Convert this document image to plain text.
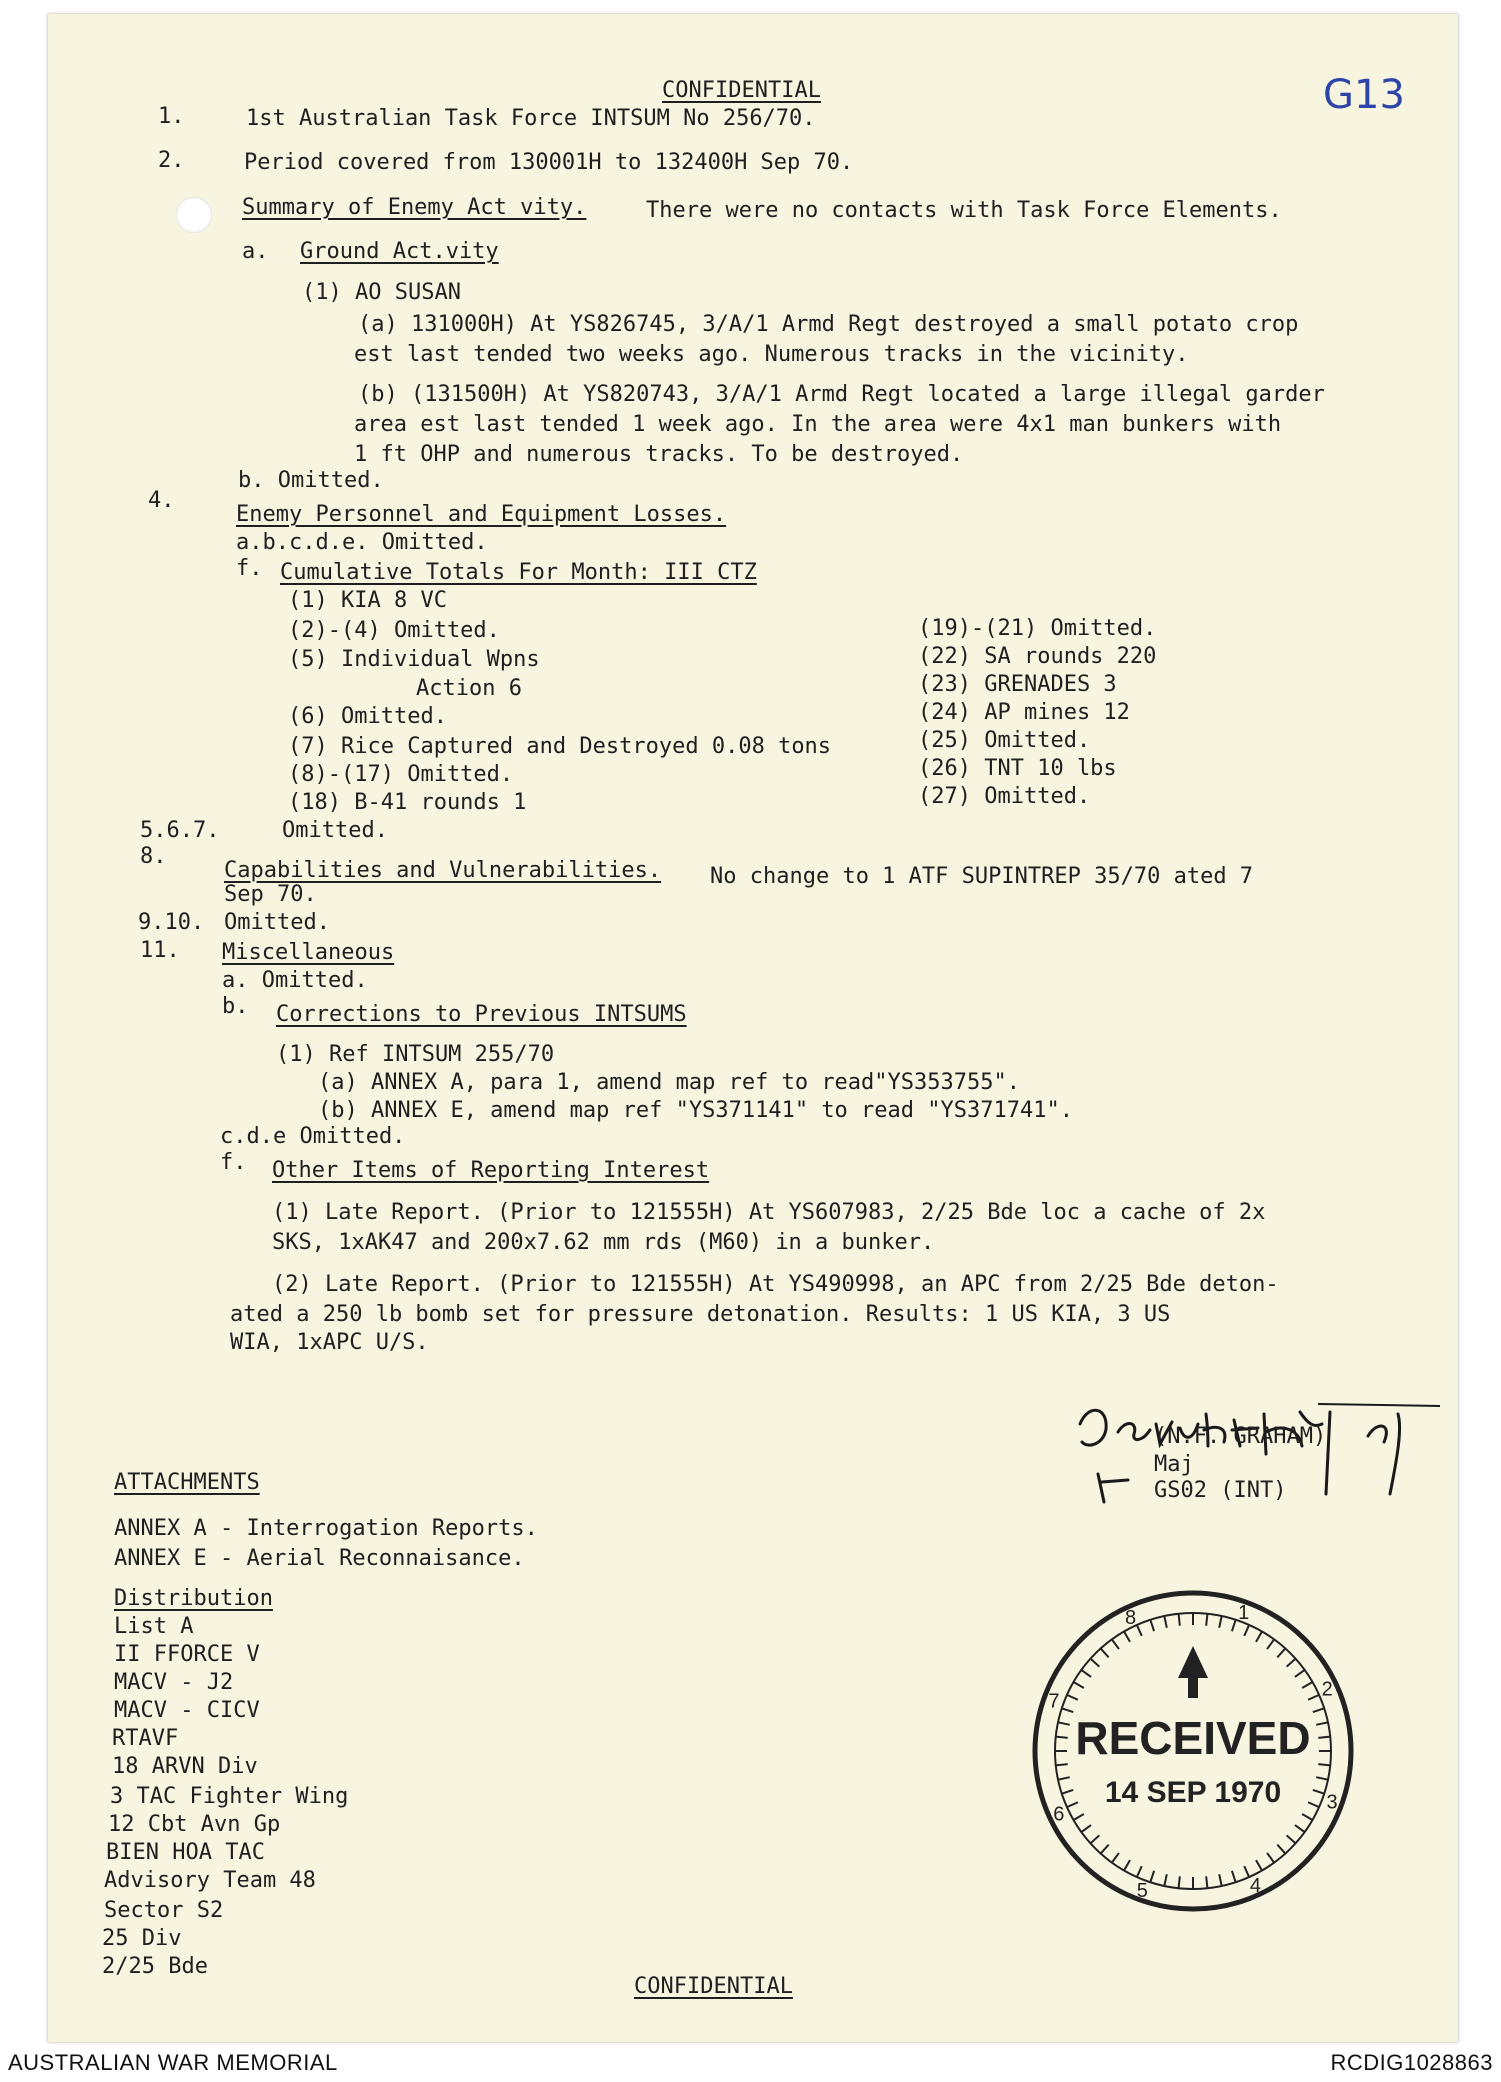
CONFIDENTIAL	G13
1.	1st Australian Task Force INTSUM No 256/70.
2.	Period covered from 130001H to 132400H Sep 70.
Summary of Enemy Act vity.	There were no contacts with Task Force Elements.
a. Ground Act.vity
(1) AO SUSAN
(a) 131000H) At YS826745, 3/A/1 Armd Regt destroyed a small potato crop
est last tended two weeks ago. Numerous tracks in the vicinity.
(b) (131500H) At YS820743, 3/A/1 Armd Regt located a large illegal garder
area est last tended 1 week ago. In the area were 4x1 man bunkers with
1 ft OHP and numerous tracks. To be destroyed.
b. Omitted.
4.
Enemy Personnel and Equipment Losses.
a.b.c.d.e. Omitted.
f. Cumulative Totals For Month: III CTZ
(1) KIA 8 VC
(2)-(4) Omitted.
(5) Individual Wpns
Action 6
(6) Omitted.
(7) Rice Captured and Destroyed 0.08 tons
(8)-(17) Omitted.
(18) B-41 rounds 1
(19)-(21) Omitted.
(22) SA rounds 220
(23) GRENADES 3
(24) AP mines 12
(25) Omitted.
(26) TNT 10 lbs
(27) Omitted.
5.6.7.	Omitted.
8.
Capabilities and Vulnerabilities. No change to 1 ATF SUPINTREP 35/70 ated 7
Sep 70.
9.10. Omitted.
11. Miscellaneous
a. Omitted.
b. Corrections to Previous INTSUMS
(1) Ref INTSUM 255/70
(a) ANNEX A, para 1, amend map ref to read"YS353755".
(b) ANNEX E, amend map ref "YS371141" to read "YS371741".
c.d.e Omitted.
f. Other Items of Reporting Interest
(1) Late Report. (Prior to 121555H) At YS607983, 2/25 Bde loc a cache of 2x
SKS, 1xAK47 and 200x7.62 mm rds (M60) in a bunker.
(2) Late Report. (Prior to 121555H) At YS490998, an APC from 2/25 Bde deton-
ated a 250 lb bomb set for pressure detonation. Results: 1 US KIA, 3 US
WIA, 1xAPC U/S.
David H
(N.F. GRAHAM)
Maj
GS02 (INT)
ATTACHMENTS
ANNEX A - Interrogation Reports.
ANNEX E - Aerial Reconnaisance.
Distribution
List A
II FFORCE V
MACV - J2
MACV - CICV
RTAVF
18 ARVN Div
3 TAC Fighter Wing
12 Cbt Avn Gp
BIEN HOA TAC
Advisory Team 48
Sector S2
25 Div
2/25 Bde
RECEIVED
14 SEP 1970
1
2
3
4
5
6
7
8
CONFIDENTIAL
AUSTRALIAN WAR MEMORIAL	RCDIG1028863
